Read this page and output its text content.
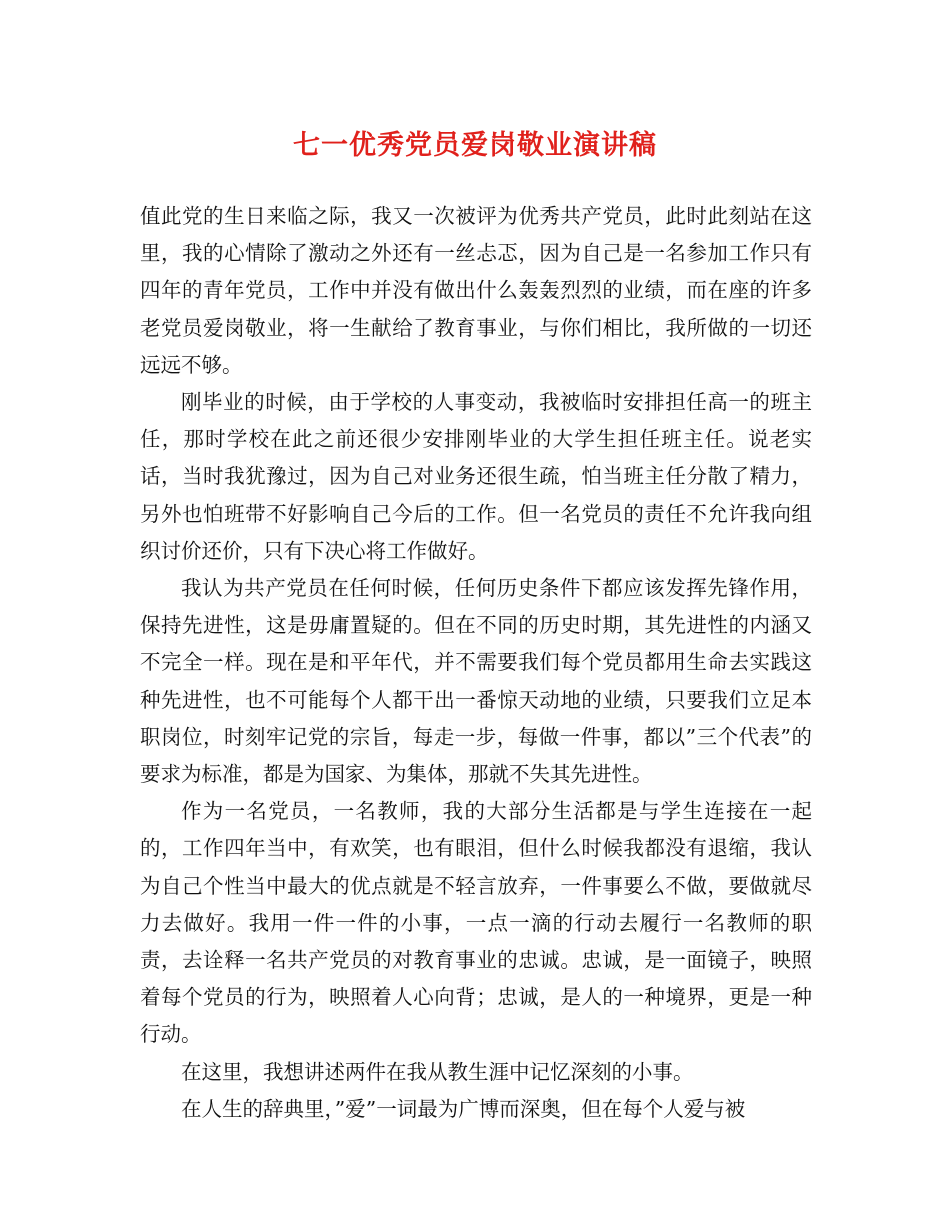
七一优秀党员爱岗敬业演讲稿

值此党的生日来临之际，我又一次被评为优秀共产党员，此时此刻站在这里，我的心情除了激动之外还有一丝忐忑，因为自己是一名参加工作只有四年的青年党员，工作中并没有做出什么轰轰烈烈的业绩，而在座的许多老党员爱岗敬业，将一生献给了教育事业，与你们相比，我所做的一切还远远不够。

刚毕业的时候，由于学校的人事变动，我被临时安排担任高一的班主任，那时学校在此之前还很少安排刚毕业的大学生担任班主任。说老实话，当时我犹豫过，因为自己对业务还很生疏，怕当班主任分散了精力，另外也怕班带不好影响自己今后的工作。但一名党员的责任不允许我向组织讨价还价，只有下决心将工作做好。

我认为共产党员在任何时候，任何历史条件下都应该发挥先锋作用，保持先进性，这是毋庸置疑的。但在不同的历史时期，其先进性的内涵又不完全一样。现在是和平年代，并不需要我们每个党员都用生命去实践这种先进性，也不可能每个人都干出一番惊天动地的业绩，只要我们立足本职岗位，时刻牢记党的宗旨，每走一步，每做一件事，都以”三个代表”的要求为标准，都是为国家、为集体，那就不失其先进性。

作为一名党员，一名教师，我的大部分生活都是与学生连接在一起的，工作四年当中，有欢笑，也有眼泪，但什么时候我都没有退缩，我认为自己个性当中最大的优点就是不轻言放弃，一件事要么不做，要做就尽力去做好。我用一件一件的小事，一点一滴的行动去履行一名教师的职责，去诠释一名共产党员的对教育事业的忠诚。忠诚，是一面镜子，映照着每个党员的行为，映照着人心向背；忠诚，是人的一种境界，更是一种行动。

在这里，我想讲述两件在我从教生涯中记忆深刻的小事。

在人生的辞典里，”爱”一词最为广博而深奥，但在每个人爱与被
